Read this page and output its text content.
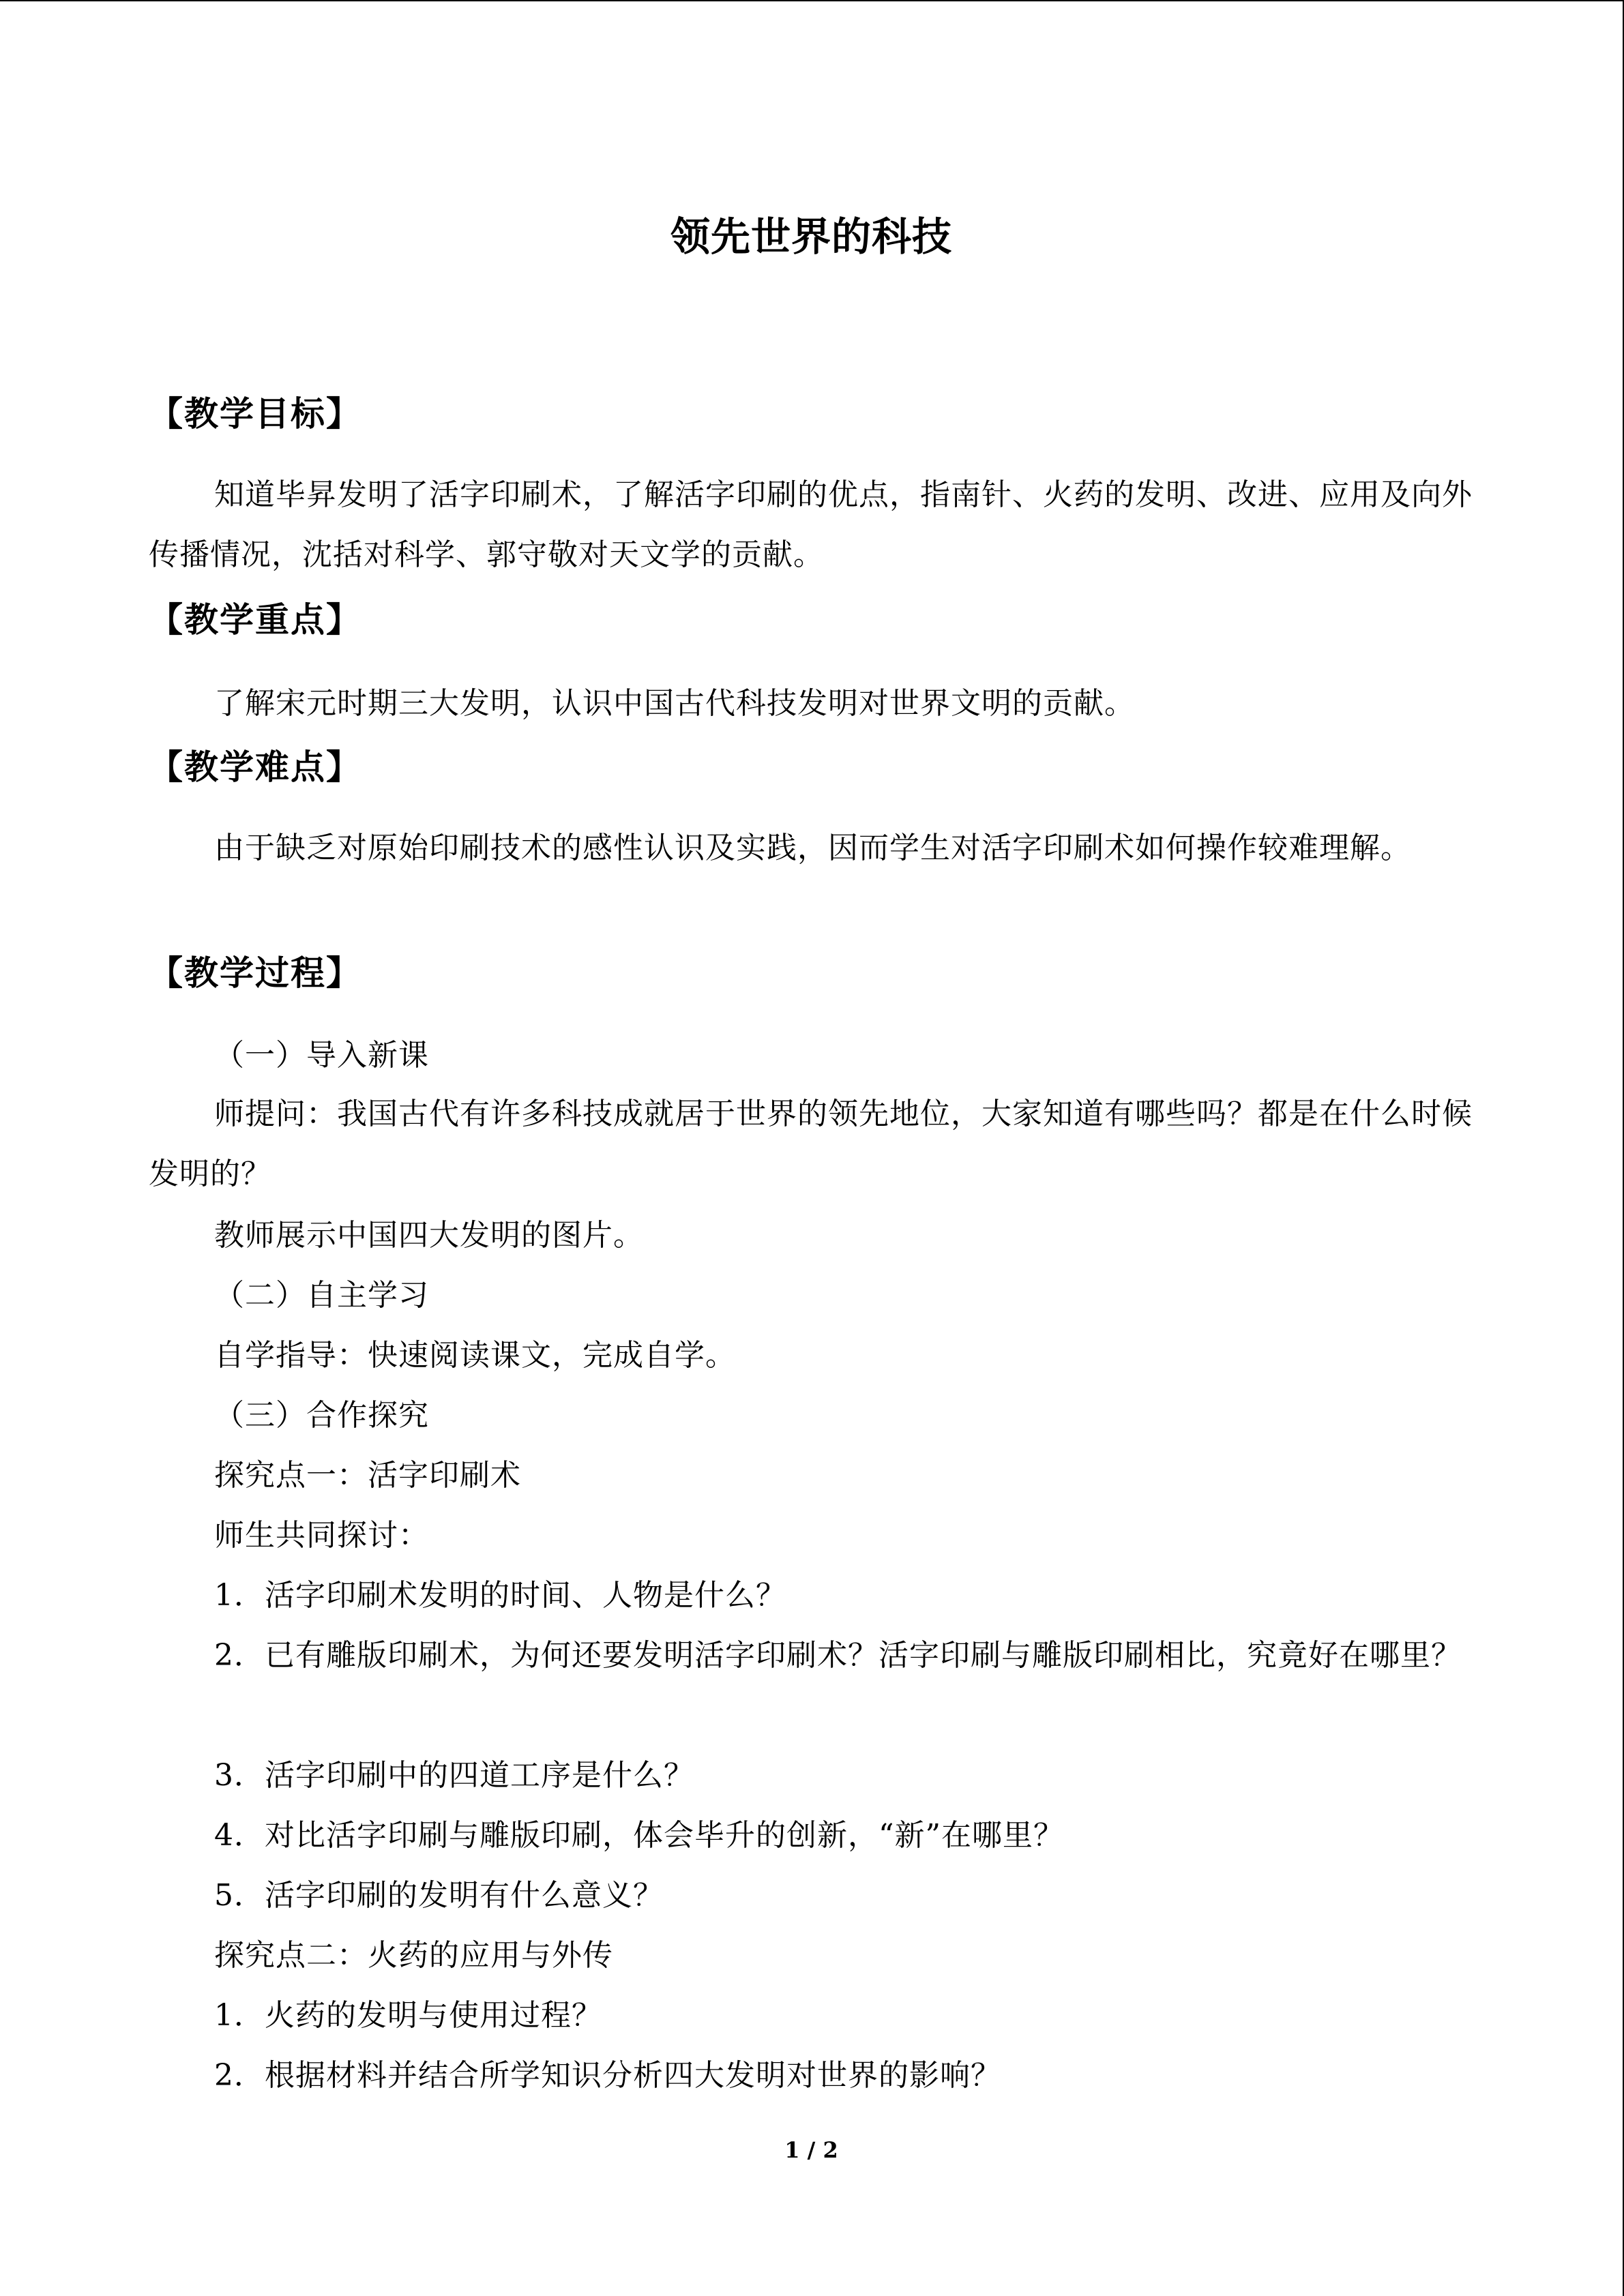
领先世界的科技
【教学目标】

知道毕昇发明了活字印刷术，了解活字印刷的优点，指南针、火药的发明、改进、应用及向外传播情况，沈括对科学、郭守敬对天文学的贡献。

【教学重点】

了解宋元时期三大发明，认识中国古代科技发明对世界文明的贡献。

【教学难点】

由于缺乏对原始印刷技术的感性认识及实践，因而学生对活字印刷术如何操作较难理解。

【教学过程】
（一）导入新课

师提问：我国古代有许多科技成就居于世界的领先地位，大家知道有哪些吗？都是在什么时候发明的？

教师展示中国四大发明的图片。
（二）自主学习
自学指导：快速阅读课文，完成自学。
（三）合作探究
探究点一：活字印刷术
师生共同探讨：
1．活字印刷术发明的时间、人物是什么？

2．已有雕版印刷术，为何还要发明活字印刷术？活字印刷与雕版印刷相比，究竟好在哪里？

3．活字印刷中的四道工序是什么？
4．对比活字印刷与雕版印刷，体会毕升的创新，“新”在哪里？
5．活字印刷的发明有什么意义？
探究点二：火药的应用与外传
1．火药的发明与使用过程？
2．根据材料并结合所学知识分析四大发明对世界的影响？
1 / 2
